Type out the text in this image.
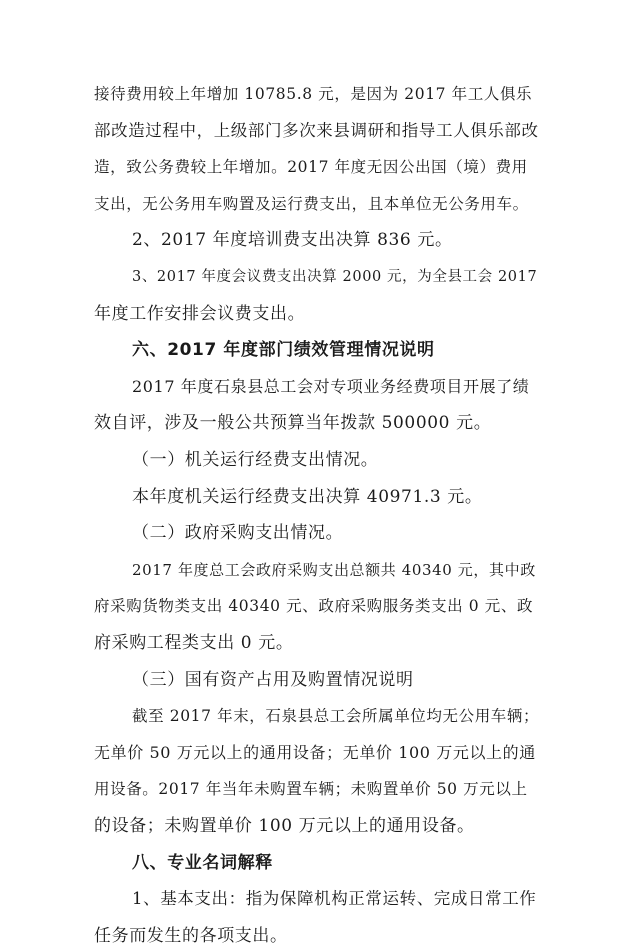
接待费用较上年增加 10785.8 元，是因为 2017 年工人俱乐
部改造过程中，上级部门多次来县调研和指导工人俱乐部改
造，致公务费较上年增加。2017 年度无因公出国（境）费用
支出，无公务用车购置及运行费支出，且本单位无公务用车。
2、2017 年度培训费支出决算 836 元。
3、2017 年度会议费支出决算 2000 元，为全县工会 2017
年度工作安排会议费支出。
六、2017 年度部门绩效管理情况说明
2017 年度石泉县总工会对专项业务经费项目开展了绩
效自评，涉及一般公共预算当年拨款 500000 元。
（一）机关运行经费支出情况。
本年度机关运行经费支出决算 40971.3 元。
（二）政府采购支出情况。
2017 年度总工会政府采购支出总额共 40340 元，其中政
府采购货物类支出 40340 元、政府采购服务类支出 0 元、政
府采购工程类支出 0 元。
（三）国有资产占用及购置情况说明
截至 2017 年末，石泉县总工会所属单位均无公用车辆；
无单价 50 万元以上的通用设备；无单价 100 万元以上的通
用设备。2017 年当年未购置车辆；未购置单价 50 万元以上
的设备；未购置单价 100 万元以上的通用设备。
八、专业名词解释
1、基本支出：指为保障机构正常运转、完成日常工作
任务而发生的各项支出。
